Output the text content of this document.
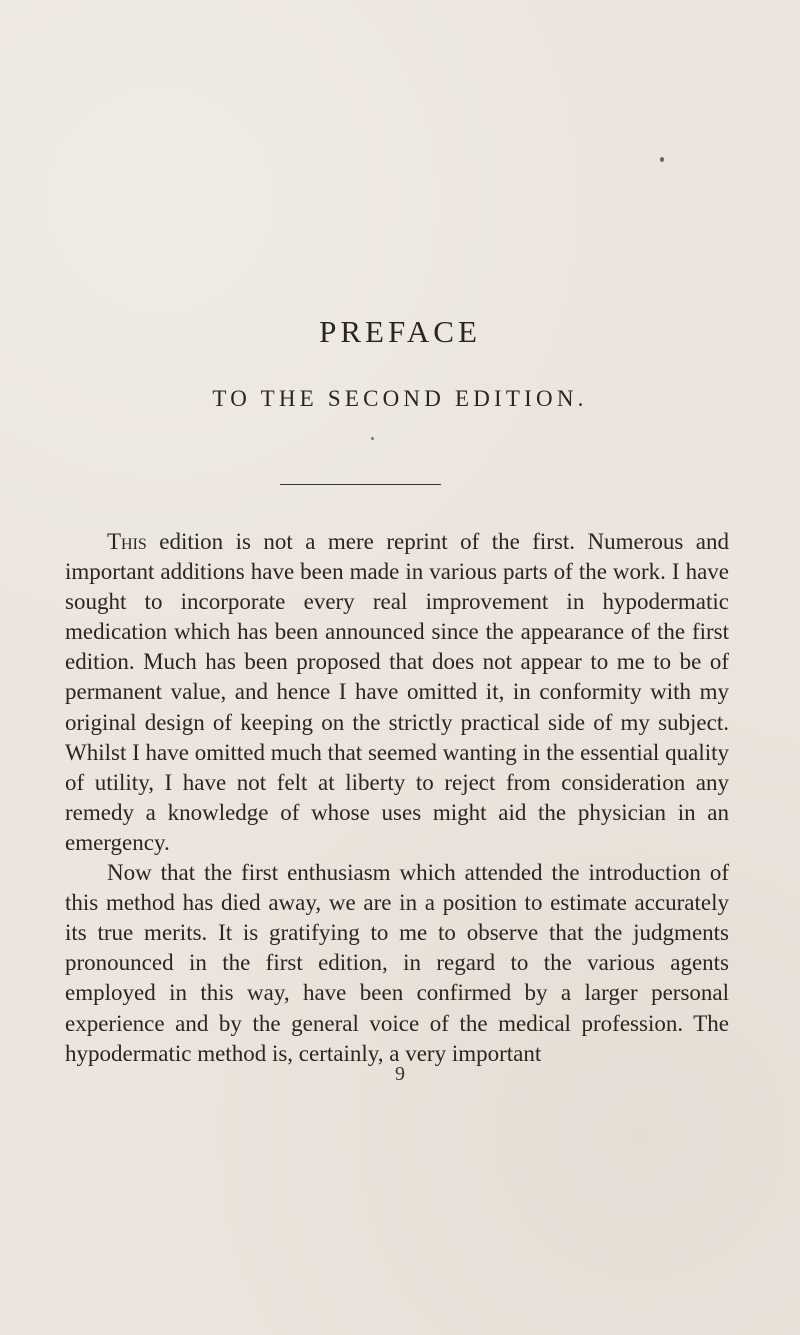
PREFACE
TO THE SECOND EDITION.

This edition is not a mere reprint of the first. Numerous and important additions have been made in various parts of the work. I have sought to incorporate every real improvement in hypodermatic medication which has been announced since the appearance of the first edition. Much has been proposed that does not appear to me to be of permanent value, and hence I have omitted it, in conformity with my original design of keeping on the strictly practical side of my subject. Whilst I have omitted much that seemed wanting in the essential quality of utility, I have not felt at liberty to reject from consideration any remedy a knowledge of whose uses might aid the physician in an emergency.

Now that the first enthusiasm which attended the introduction of this method has died away, we are in a position to estimate accurately its true merits. It is gratifying to me to observe that the judgments pronounced in the first edition, in regard to the various agents employed in this way, have been confirmed by a larger personal experience and by the general voice of the medical profession. The hypodermatic method is, certainly, a very important

9
